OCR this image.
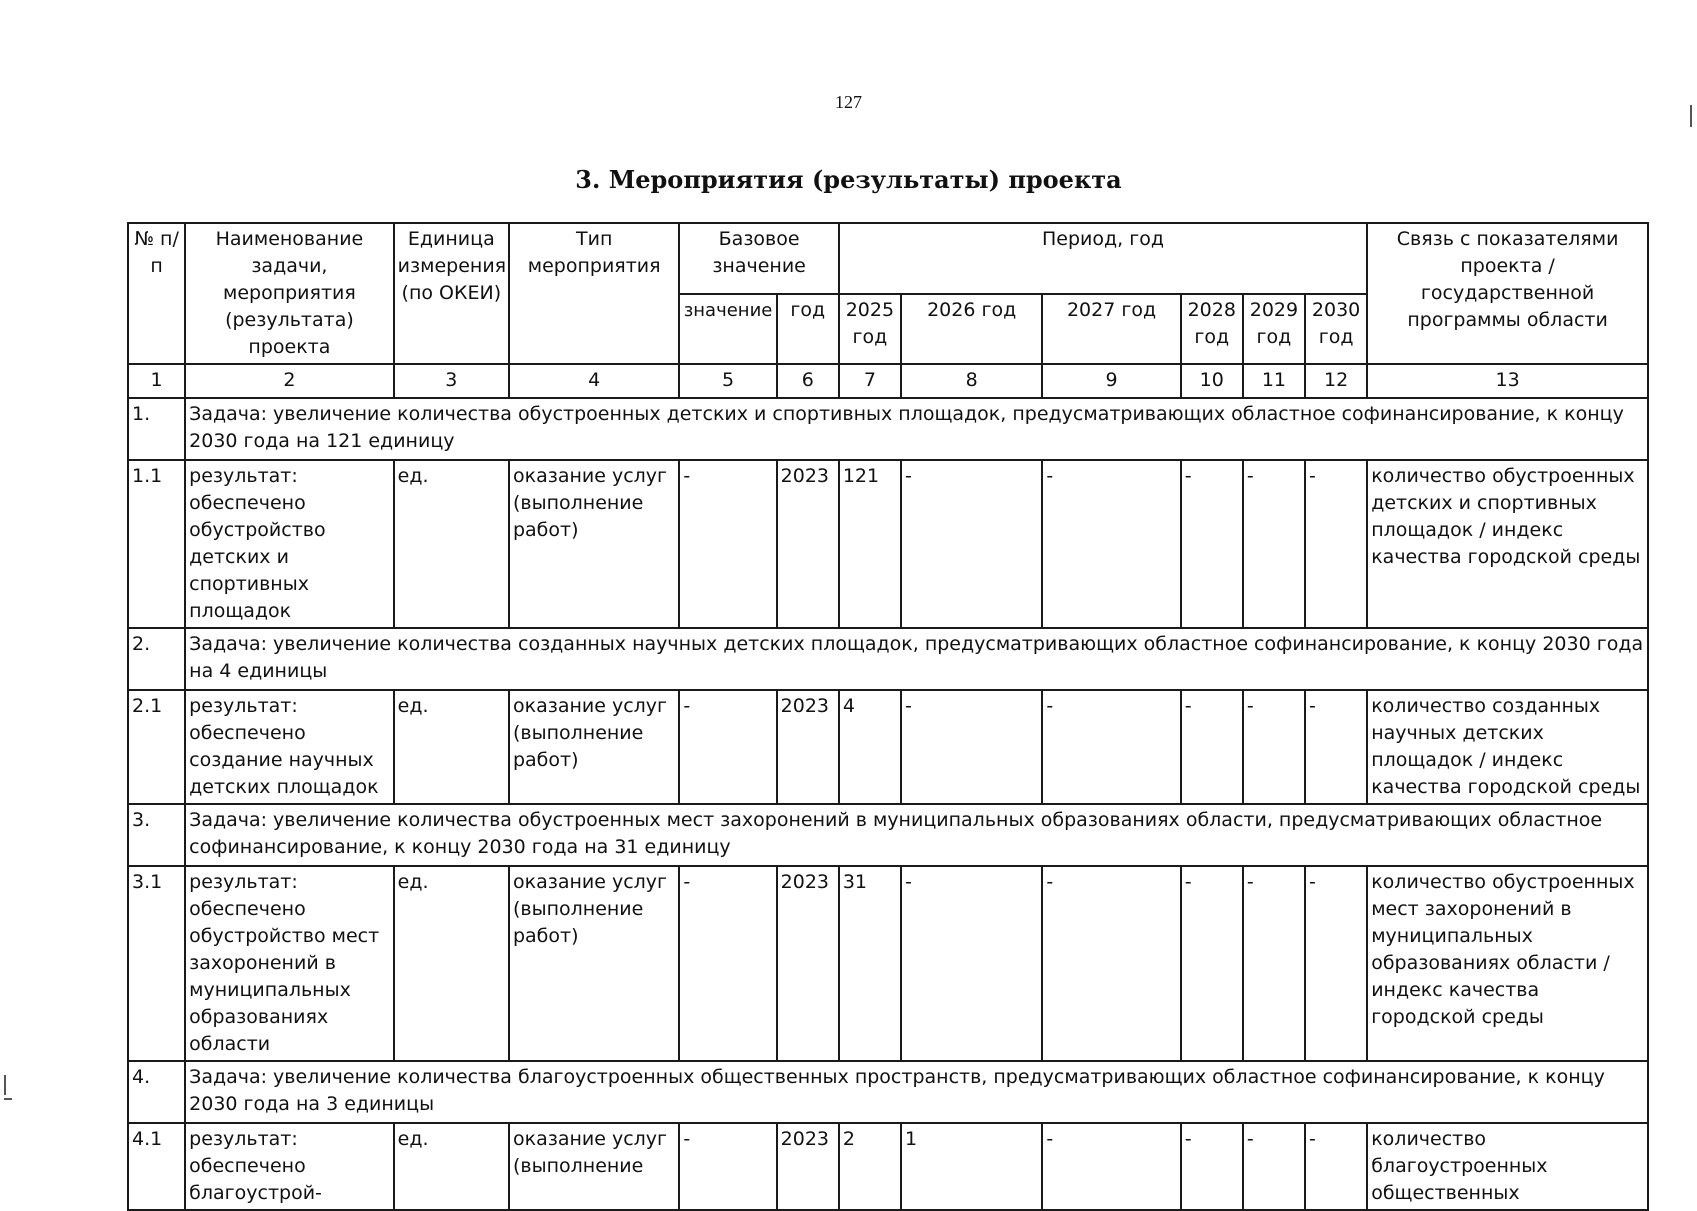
127
3. Мероприятия (результаты) проекта
№ п/п	Наименование задачи, мероприятия (результата) проекта	Единица измерения (по ОКЕИ)	Тип мероприятия	Базовое значение		Период, год						Связь с показателями проекта / государственной программы области
				значение	год	2025 год	2026 год	2027 год	2028 год	2029 год	2030 год	
1	2	3	4	5	6	7	8	9	10	11	12	13
1.	Задача: увеличение количества обустроенных детских и спортивных площадок, предусматривающих областное софинансирование, к концу 2030 года на 121 единицу											
1.1	результат: обеспечено обустройство детских и спортивных площадок	ед.	оказание услуг (выполнение работ)	-	2023	121	-	-	-	-	-	количество обустроенных детских и спортивных площадок / индекс качества городской среды
2.	Задача: увеличение количества созданных научных детских площадок, предусматривающих областное софинансирование, к концу 2030 года на 4 единицы											
2.1	результат: обеспечено создание научных детских площадок	ед.	оказание услуг (выполнение работ)	-	2023	4	-	-	-	-	-	количество созданных научных детских площадок / индекс качества городской среды
3.	Задача: увеличение количества обустроенных мест захоронений в муниципальных образованиях области, предусматривающих областное софинансирование, к концу 2030 года на 31 единицу											
3.1	результат: обеспечено обустройство мест захоронений в муниципальных образованиях области	ед.	оказание услуг (выполнение работ)	-	2023	31	-	-	-	-	-	количество обустроенных мест захоронений в муниципальных образованиях области / индекс качества городской среды
4.	Задача: увеличение количества благоустроенных общественных пространств, предусматривающих областное софинансирование, к концу 2030 года на 3 единицы											
4.1	результат: обеспечено благоустрой-	ед.	оказание услуг (выполнение	-	2023	2	1	-	-	-	-	количество благоустроенных общественных
